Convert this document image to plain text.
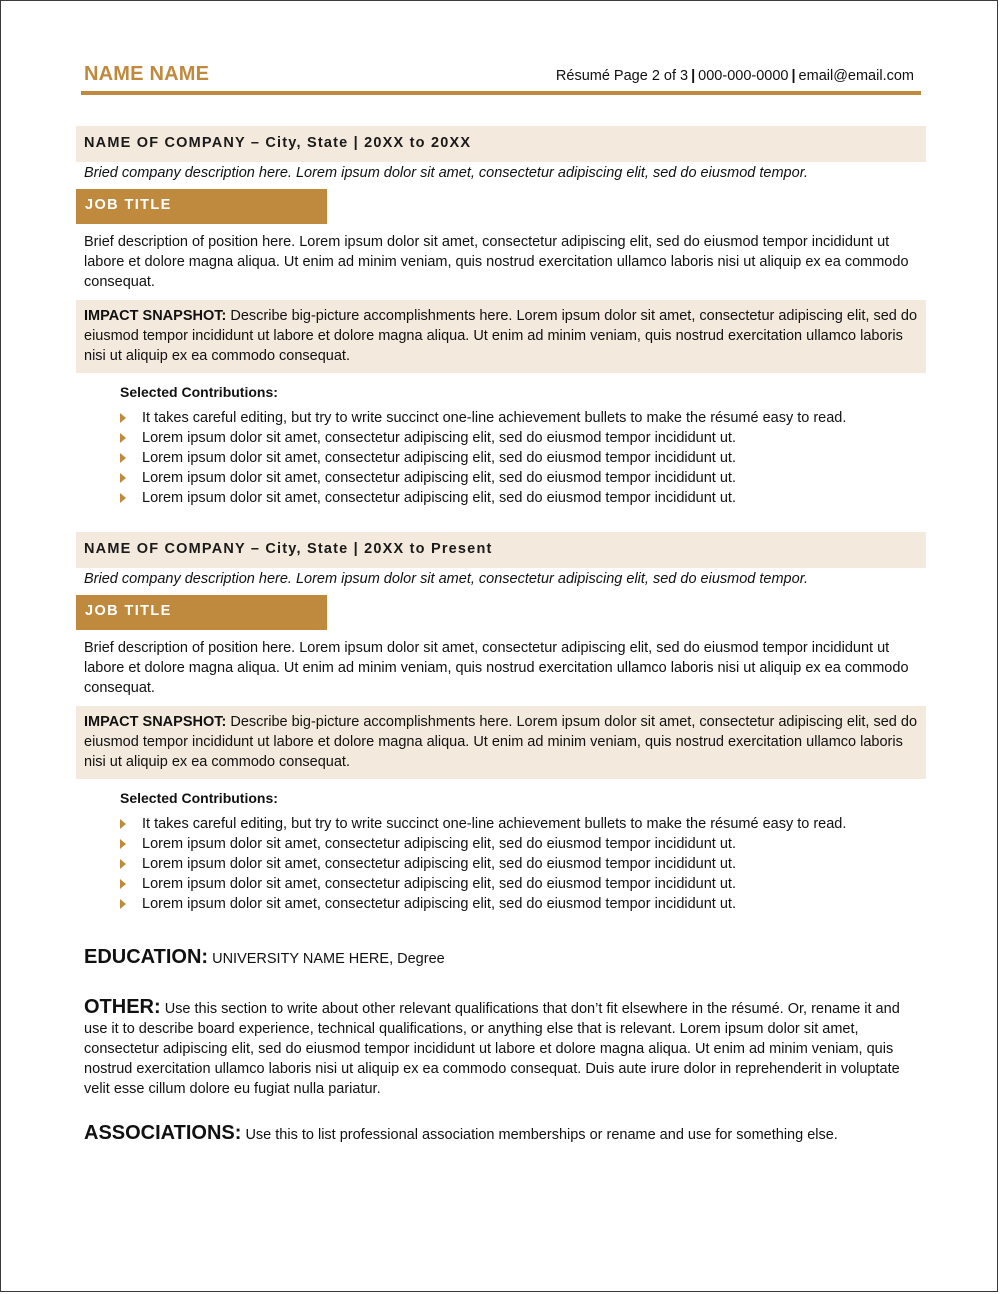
NAME NAME	Résumé Page 2 of 3 | 000-000-0000 | email@email.com
NAME OF COMPANY – City, State | 20XX to 20XX
Bried company description here. Lorem ipsum dolor sit amet, consectetur adipiscing elit, sed do eiusmod tempor.
JOB TITLE
Brief description of position here. Lorem ipsum dolor sit amet, consectetur adipiscing elit, sed do eiusmod tempor incididunt ut labore et dolore magna aliqua. Ut enim ad minim veniam, quis nostrud exercitation ullamco laboris nisi ut aliquip ex ea commodo consequat.
IMPACT SNAPSHOT: Describe big-picture accomplishments here. Lorem ipsum dolor sit amet, consectetur adipiscing elit, sed do eiusmod tempor incididunt ut labore et dolore magna aliqua. Ut enim ad minim veniam, quis nostrud exercitation ullamco laboris nisi ut aliquip ex ea commodo consequat.
Selected Contributions:
It takes careful editing, but try to write succinct one-line achievement bullets to make the résumé easy to read.
Lorem ipsum dolor sit amet, consectetur adipiscing elit, sed do eiusmod tempor incididunt ut.
Lorem ipsum dolor sit amet, consectetur adipiscing elit, sed do eiusmod tempor incididunt ut.
Lorem ipsum dolor sit amet, consectetur adipiscing elit, sed do eiusmod tempor incididunt ut.
Lorem ipsum dolor sit amet, consectetur adipiscing elit, sed do eiusmod tempor incididunt ut.
NAME OF COMPANY – City, State | 20XX to Present
Bried company description here. Lorem ipsum dolor sit amet, consectetur adipiscing elit, sed do eiusmod tempor.
JOB TITLE
Brief description of position here. Lorem ipsum dolor sit amet, consectetur adipiscing elit, sed do eiusmod tempor incididunt ut labore et dolore magna aliqua. Ut enim ad minim veniam, quis nostrud exercitation ullamco laboris nisi ut aliquip ex ea commodo consequat.
IMPACT SNAPSHOT: Describe big-picture accomplishments here. Lorem ipsum dolor sit amet, consectetur adipiscing elit, sed do eiusmod tempor incididunt ut labore et dolore magna aliqua. Ut enim ad minim veniam, quis nostrud exercitation ullamco laboris nisi ut aliquip ex ea commodo consequat.
Selected Contributions:
It takes careful editing, but try to write succinct one-line achievement bullets to make the résumé easy to read.
Lorem ipsum dolor sit amet, consectetur adipiscing elit, sed do eiusmod tempor incididunt ut.
Lorem ipsum dolor sit amet, consectetur adipiscing elit, sed do eiusmod tempor incididunt ut.
Lorem ipsum dolor sit amet, consectetur adipiscing elit, sed do eiusmod tempor incididunt ut.
Lorem ipsum dolor sit amet, consectetur adipiscing elit, sed do eiusmod tempor incididunt ut.
EDUCATION: UNIVERSITY NAME HERE, Degree
OTHER: Use this section to write about other relevant qualifications that don’t fit elsewhere in the résumé. Or, rename it and use it to describe board experience, technical qualifications, or anything else that is relevant. Lorem ipsum dolor sit amet, consectetur adipiscing elit, sed do eiusmod tempor incididunt ut labore et dolore magna aliqua. Ut enim ad minim veniam, quis nostrud exercitation ullamco laboris nisi ut aliquip ex ea commodo consequat. Duis aute irure dolor in reprehenderit in voluptate velit esse cillum dolore eu fugiat nulla pariatur.
ASSOCIATIONS: Use this to list professional association memberships or rename and use for something else.
